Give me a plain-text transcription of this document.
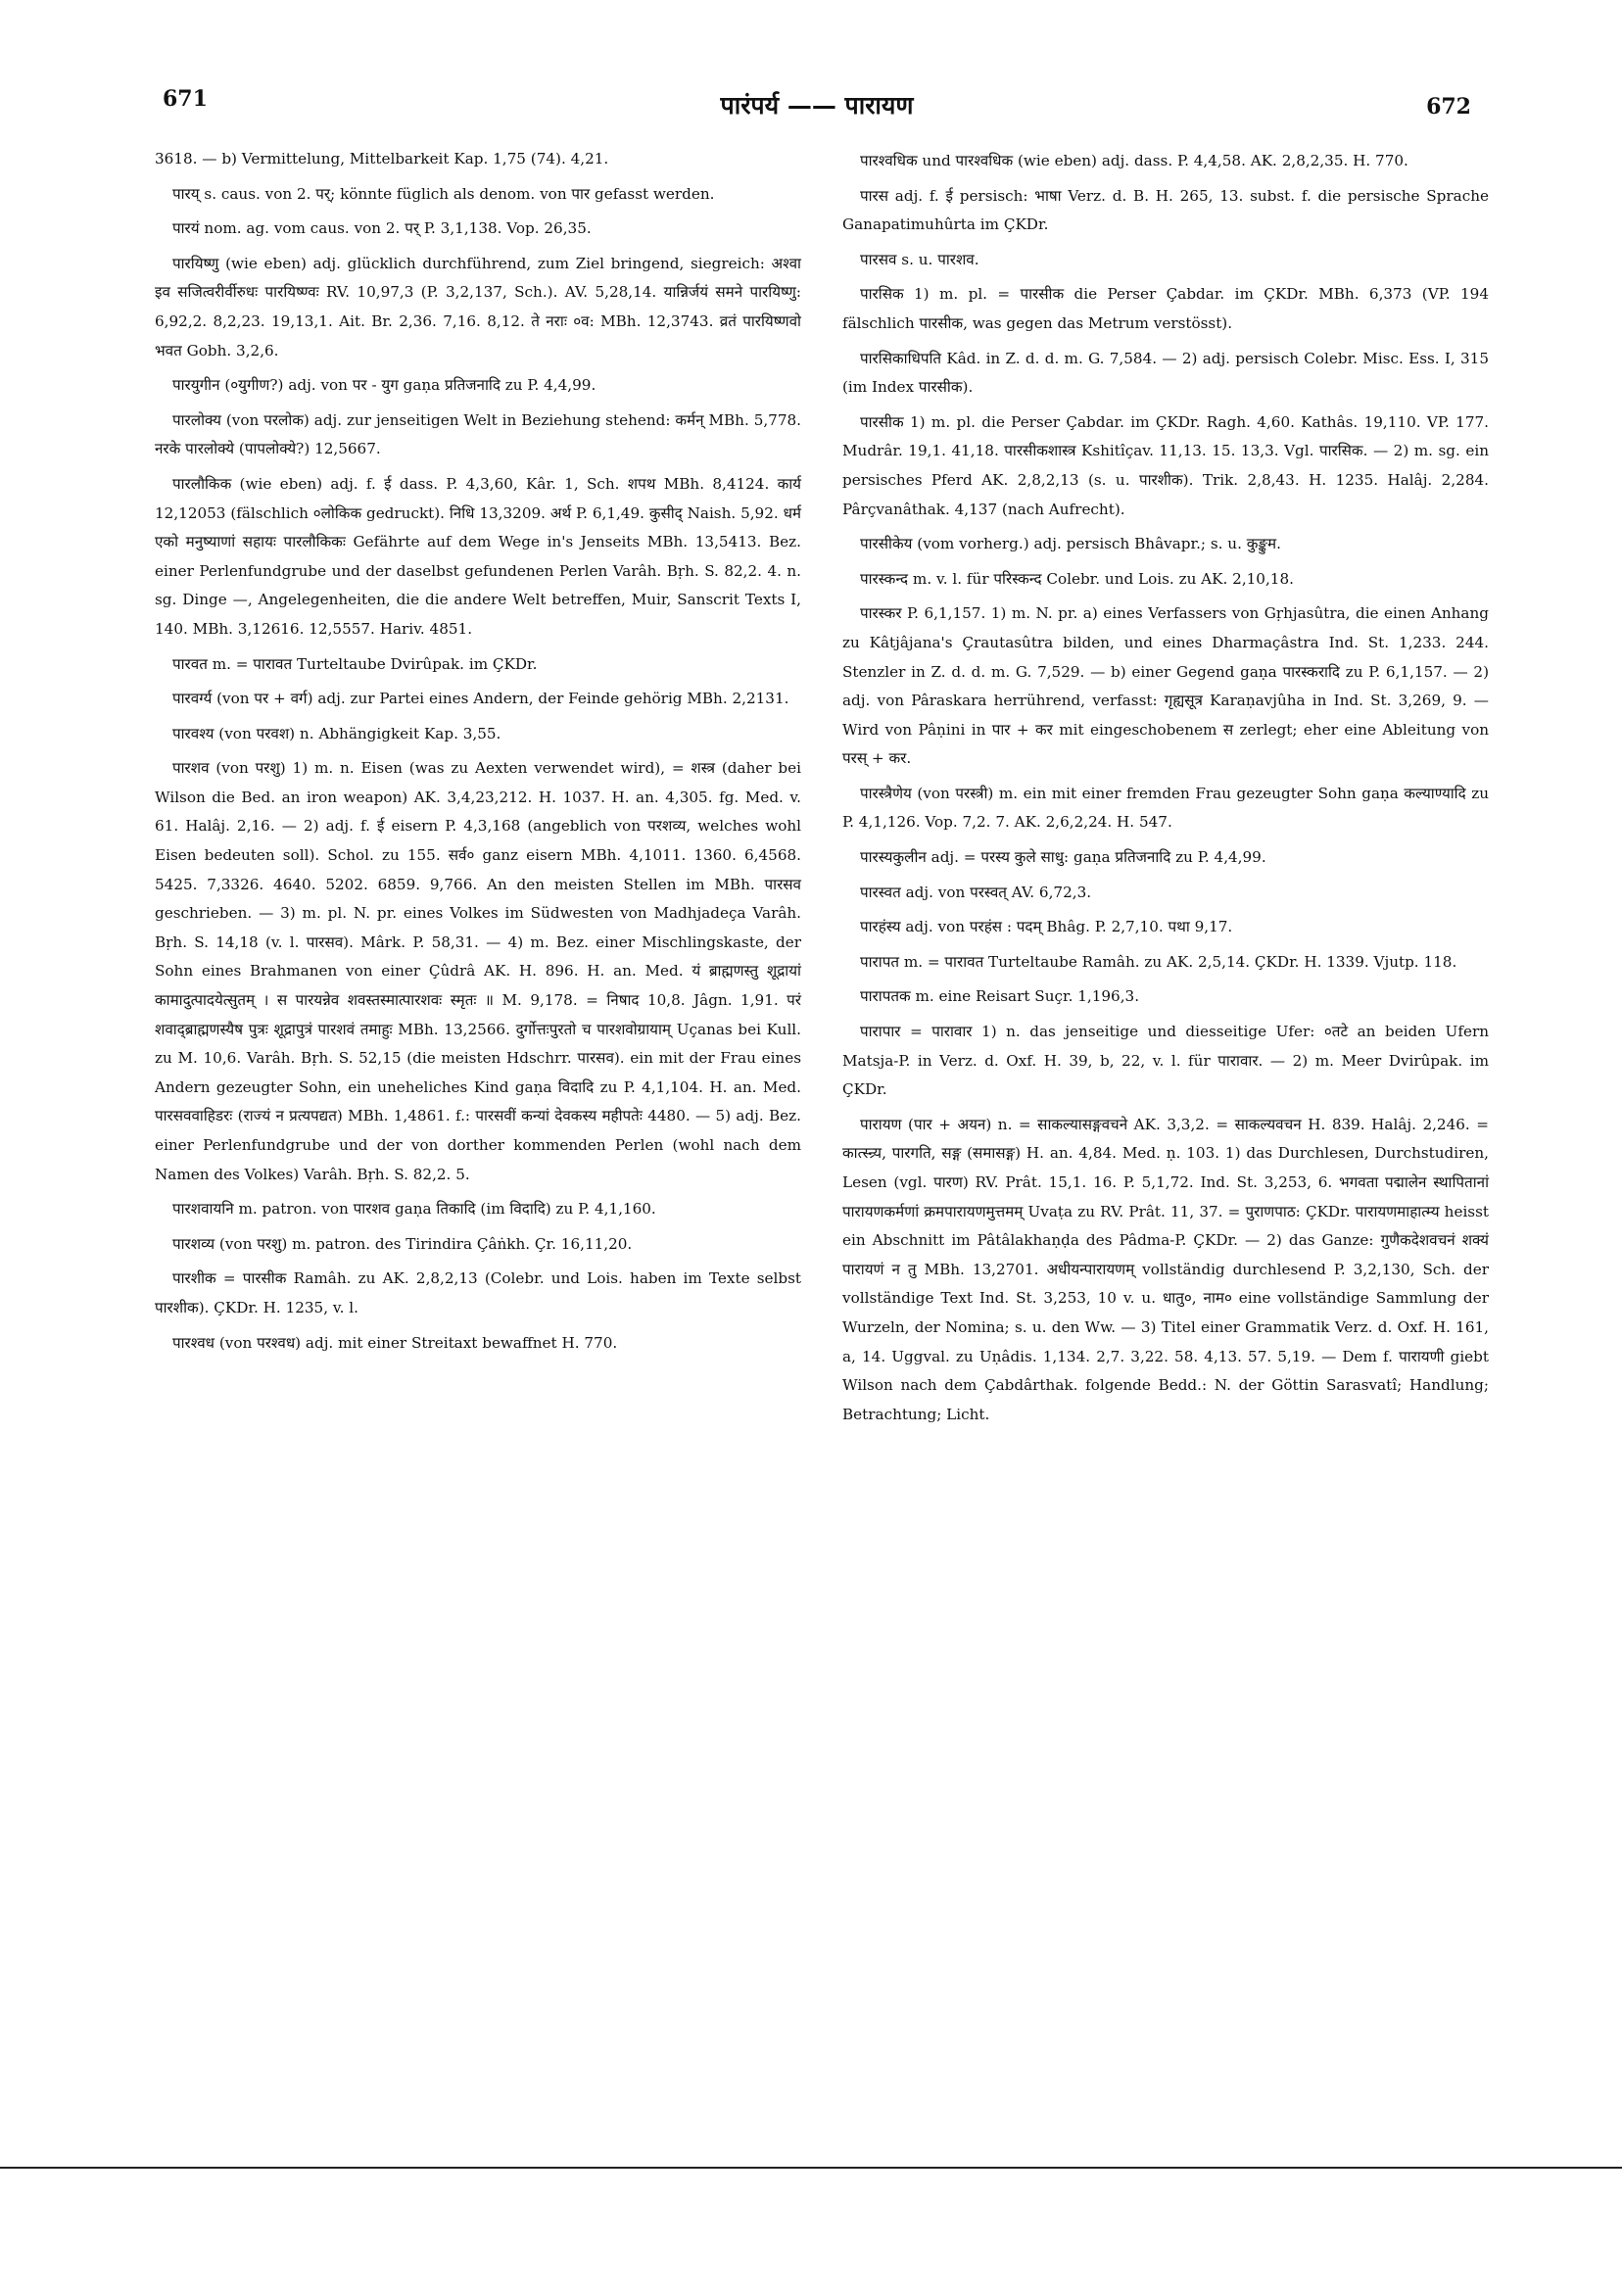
671	पारंपर्य —— पारायण	672

3618. — b) Vermittelung, Mittelbarkeit Kap. 1,75 (74). 4,21.

पारय् s. caus. von 2. पर्; könnte füglich als denom. von पार gefasst werden.

पारयं nom. ag. vom caus. von 2. पर् P. 3,1,138. Vop. 26,35.

पारयिष्णु (wie eben) adj. glücklich durchführend, zum Ziel bringend, siegreich: अश्वा इव सजित्वरीर्वीरुधः पारयिष्ण्वः RV. 10,97,3 (P. 3,2,137, Sch.). AV. 5,28,14. यान्निर्जयं समने पारयिष्णु: 6,92,2. 8,2,23. 19,13,1. Ait. Br. 2,36. 7,16. 8,12. ते नराः ०व: MBh. 12,3743. व्रतं पारयिष्णवो भवत Gobh. 3,2,6.

पारयुगीन (०युगीण?) adj. von पर - युग gaṇa प्रतिजनादि zu P. 4,4,99.

पारलोक्य (von परलोक) adj. zur jenseitigen Welt in Beziehung stehend: कर्मन् MBh. 5,778. नरके पारलोक्ये (पापलोक्ये?) 12,5667.

पारलौकिक (wie eben) adj. f. ई dass. P. 4,3,60, Kâr. 1, Sch. शपथ MBh. 8,4124. कार्य 12,12053 (fälschlich ०लोकिक gedruckt). निधि 13,3209. अर्थ P. 6,1,49. कुसीद् Naish. 5,92. धर्म एको मनुष्याणां सहायः पारलौकिकः Gefährte auf dem Wege in's Jenseits MBh. 13,5413. Bez. einer Perlenfundgrube und der daselbst gefundenen Perlen Varâh. Bṛh. S. 82,2. 4. n. sg. Dinge —, Angelegenheiten, die die andere Welt betreffen, Muir, Sanscrit Texts I, 140. MBh. 3,12616. 12,5557. Hariv. 4851.

पारवत m. = पारावत Turteltaube Dvirûpak. im ÇKDr.

पारवर्ग्य (von पर + वर्ग) adj. zur Partei eines Andern, der Feinde gehörig MBh. 2,2131.

पारवश्य (von परवश) n. Abhängigkeit Kap. 3,55.

पारशव (von परशु) 1) m. n. Eisen (was zu Aexten verwendet wird), = शस्त्र (daher bei Wilson die Bed. an iron weapon) AK. 3,4,23,212. H. 1037. H. an. 4,305. fg. Med. v. 61. Halâj. 2,16. — 2) adj. f. ई eisern P. 4,3,168 (angeblich von परशव्य, welches wohl Eisen bedeuten soll). Schol. zu 155. सर्व० ganz eisern MBh. 4,1011. 1360. 6,4568. 5425. 7,3326. 4640. 5202. 6859. 9,766. An den meisten Stellen im MBh. पारसव geschrieben. — 3) m. pl. N. pr. eines Volkes im Südwesten von Madhjadeça Varâh. Bṛh. S. 14,18 (v. l. पारसव). Mârk. P. 58,31. — 4) m. Bez. einer Mischlingskaste, der Sohn eines Brahmanen von einer Çûdrâ AK. H. 896. H. an. Med. यं ब्राह्मणस्तु शूद्रायां कामादुत्पादयेत्सुतम् । स पारयन्नेव शवस्तस्मात्पारशवः स्मृतः ॥ M. 9,178. = निषाद 10,8. Jâgn. 1,91. परं शवाद्ब्राह्मणस्यैष पुत्रः शूद्रापुत्रं पारशवं तमाहुः MBh. 13,2566. दुर्गोत्तःपुरतो च पारशवोग्रायाम् Uçanas bei Kull. zu M. 10,6. Varâh. Bṛh. S. 52,15 (die meisten Hdschrr. पारसव). ein mit der Frau eines Andern gezeugter Sohn, ein uneheliches Kind gaṇa विदादि zu P. 4,1,104. H. an. Med. पारसववाहिडरः (राज्यं न प्रत्यपद्यत) MBh. 1,4861. f.: पारसवीं कन्यां देवकस्य महीपतेः 4480. — 5) adj. Bez. einer Perlenfundgrube und der von dorther kommenden Perlen (wohl nach dem Namen des Volkes) Varâh. Bṛh. S. 82,2. 5.

पारशवायनि m. patron. von पारशव gaṇa तिकादि (im विदादि) zu P. 4,1,160.

पारशव्य (von परशु) m. patron. des Tirindira Çâṅkh. Çr. 16,11,20.

पारशीक = पारसीक Ramâh. zu AK. 2,8,2,13 (Colebr. und Lois. haben im Texte selbst पारशीक). ÇKDr. H. 1235, v. l.

पारश्वध (von परश्वध) adj. mit einer Streitaxt bewaffnet H. 770.

पारश्वधिक und पारश्वधिक (wie eben) adj. dass. P. 4,4,58. AK. 2,8,2,35. H. 770.

पारस adj. f. ई persisch: भाषा Verz. d. B. H. 265, 13. subst. f. die persische Sprache Ganapatimuhûrta im ÇKDr.

पारसव s. u. पारशव.

पारसिक 1) m. pl. = पारसीक die Perser Çabdar. im ÇKDr. MBh. 6,373 (VP. 194 fälschlich पारसीक, was gegen das Metrum verstösst).

पारसिकाधिपति Kâd. in Z. d. d. m. G. 7,584. — 2) adj. persisch Colebr. Misc. Ess. I, 315 (im Index पारसीक).

पारसीक 1) m. pl. die Perser Çabdar. im ÇKDr. Ragh. 4,60. Kathâs. 19,110. VP. 177. Mudrâr. 19,1. 41,18. पारसीकशास्त्र Kshitîçav. 11,13. 15. 13,3. Vgl. पारसिक. — 2) m. sg. ein persisches Pferd AK. 2,8,2,13 (s. u. पारशीक). Trik. 2,8,43. H. 1235. Halâj. 2,284. Pârçvanâthak. 4,137 (nach Aufrecht).

पारसीकेय (vom vorherg.) adj. persisch Bhâvapr.; s. u. कुङ्कुम.

पारस्कन्द m. v. l. für परिस्कन्द Colebr. und Lois. zu AK. 2,10,18.

पारस्कर P. 6,1,157. 1) m. N. pr. a) eines Verfassers von Gṛhjasûtra, die einen Anhang zu Kâtjâjana's Çrautasûtra bilden, und eines Dharmaçâstra Ind. St. 1,233. 244. Stenzler in Z. d. d. m. G. 7,529. — b) einer Gegend gaṇa पारस्करादि zu P. 6,1,157. — 2) adj. von Pâraskara herrührend, verfasst: गृह्यसूत्र Karaṇavjûha in Ind. St. 3,269, 9. — Wird von Pâṇini in पार + कर mit eingeschobenem स zerlegt; eher eine Ableitung von परस् + कर.

पारस्त्रैणेय (von परस्त्री) m. ein mit einer fremden Frau gezeugter Sohn gaṇa कल्याण्यादि zu P. 4,1,126. Vop. 7,2. 7. AK. 2,6,2,24. H. 547.

पारस्यकुलीन adj. = परस्य कुले साधु: gaṇa प्रतिजनादि zu P. 4,4,99.

पारस्वत adj. von परस्वत् AV. 6,72,3.

पारहंस्य adj. von परहंस : पदम् Bhâg. P. 2,7,10. पथा 9,17.

पारापत m. = पारावत Turteltaube Ramâh. zu AK. 2,5,14. ÇKDr. H. 1339. Vjutp. 118.

पारापतक m. eine Reisart Suçr. 1,196,3.

पारापार = पारावार 1) n. das jenseitige und diesseitige Ufer: ०तटे an beiden Ufern Matsja-P. in Verz. d. Oxf. H. 39, b, 22, v. l. für पारावार. — 2) m. Meer Dvirûpak. im ÇKDr.

पारायण (पार + अयन) n. = साकल्यासङ्गवचने AK. 3,3,2. = साकल्यवचन H. 839. Halâj. 2,246. = कात्स्न्र्य, पारगति, सङ्ग (समासङ्ग) H. an. 4,84. Med. ṇ. 103. 1) das Durchlesen, Durchstudiren, Lesen (vgl. पारण) RV. Prât. 15,1. 16. P. 5,1,72. Ind. St. 3,253, 6. भगवता पद्मालेन स्थापितानां पारायणकर्मणां क्रमपारायणमुत्तमम् Uvaṭa zu RV. Prât. 11, 37. = पुराणपाठ: ÇKDr. पारायणमाहात्म्य heisst ein Abschnitt im Pâtâlakhaṇḍa des Pâdma-P. ÇKDr. — 2) das Ganze: गुणैकदेशवचनं शक्यं पारायणं न तु MBh. 13,2701. अधीयन्पारायणम् vollständig durchlesend P. 3,2,130, Sch. der vollständige Text Ind. St. 3,253, 10 v. u. धातु०, नाम० eine vollständige Sammlung der Wurzeln, der Nomina; s. u. den Ww. — 3) Titel einer Grammatik Verz. d. Oxf. H. 161, a, 14. Uggval. zu Uṇâdis. 1,134. 2,7. 3,22. 58. 4,13. 57. 5,19. — Dem f. पारायणी giebt Wilson nach dem Çabdârthak. folgende Bedd.: N. der Göttin Sarasvatî; Handlung; Betrachtung; Licht.
